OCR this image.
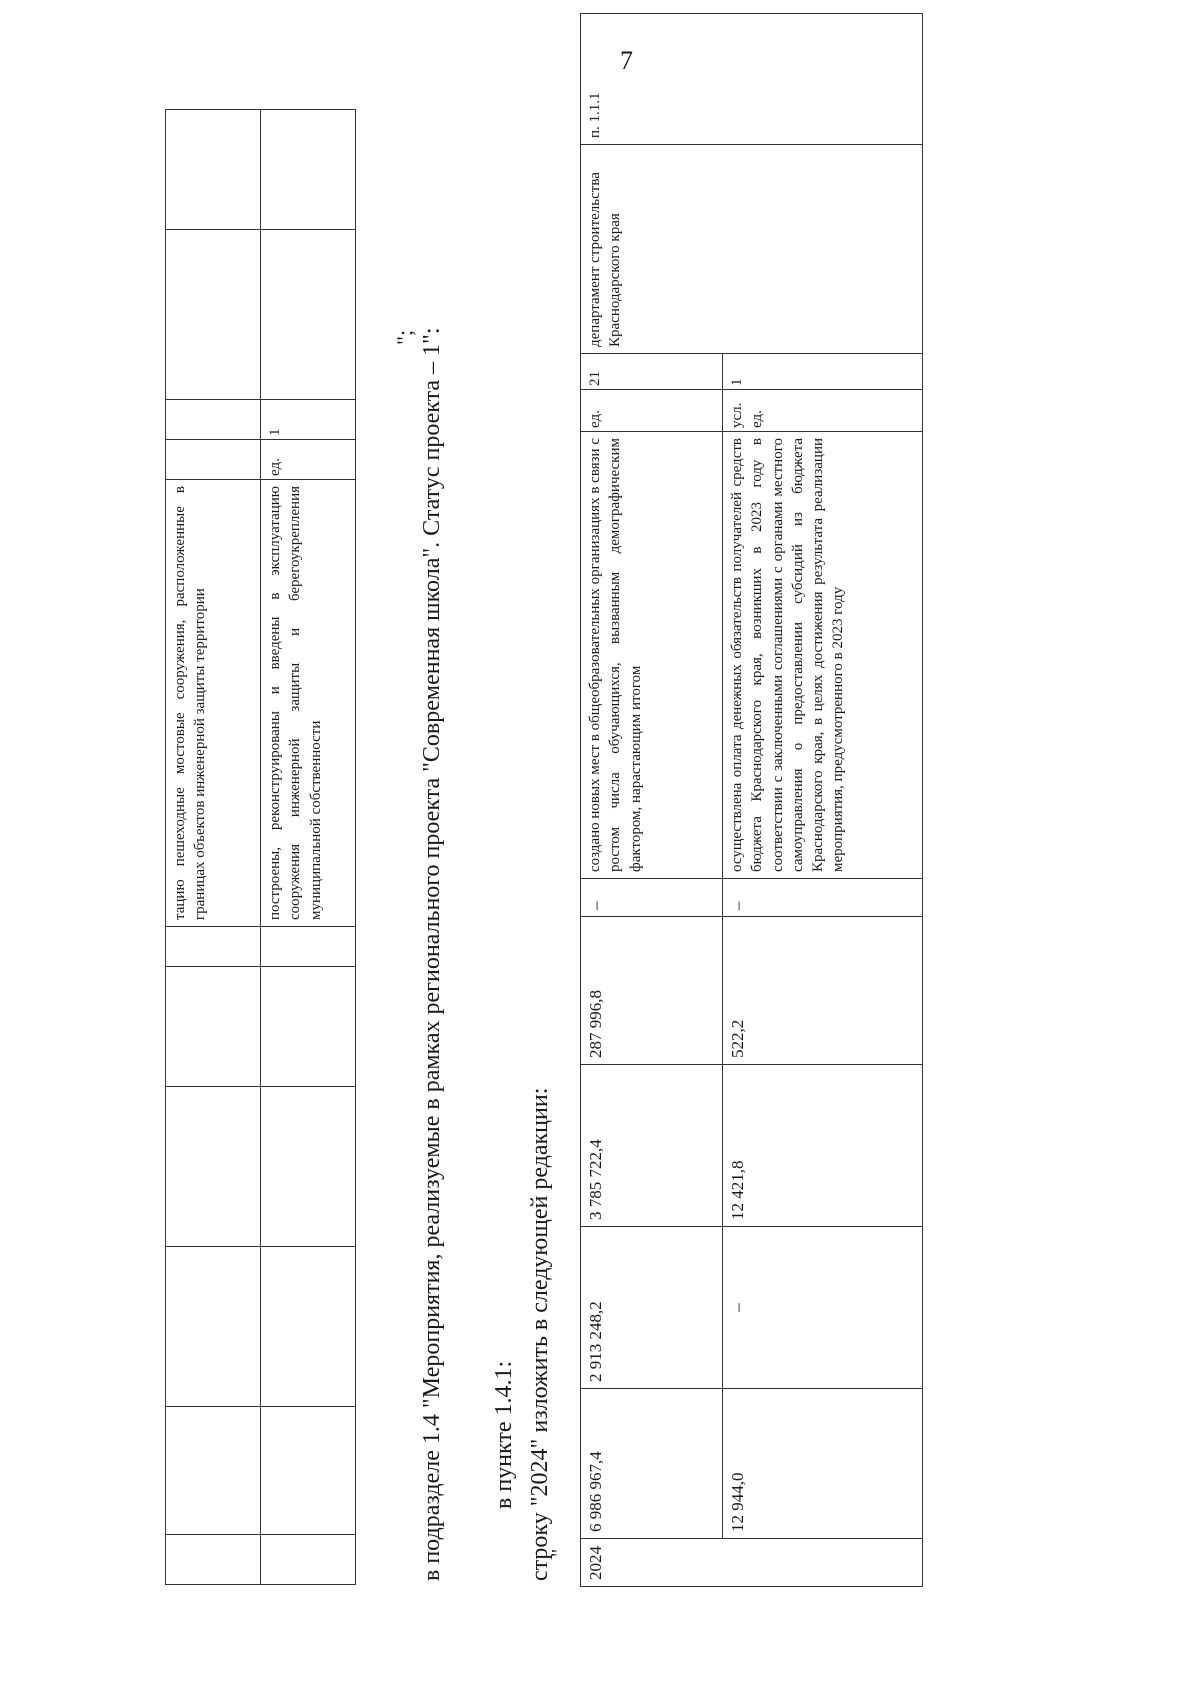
7
						тацию пешеходные мостовые сооружения, расположенные в границах объектов инженерной защиты территории				
						построены, реконструированы и введены в эксплуатацию сооружения инженерной защиты и берегоукрепления муниципальной собственности	ед.	1			в подразделе 1.4 "Мероприятия, реализуемые в рамках регионального проекта "Современная школа". Статус проекта – 1":
";
в пункте 1.4.1: строку "2024" изложить в следующей редакции:
" 2024	6 986 967,4	2 913 248,2	3 785 722,4	287 996,8	–	создано новых мест в общеобразовательных организациях в связи с ростом числа обучающихся, вызванным демографическим фактором, нарастающим итогом	ед.	21	департамент строительства Краснодарского края	п. 1.1.1
	12 944,0	–	12 421,8	522,2	–	осуществлена оплата денежных обязательств получателей средств бюджета Краснодарского края, возникших в 2023 году в соответствии с заключенными соглашениями с органами местного самоуправления о предоставлении субсидий из бюджета Краснодарского края, в целях достижения результата реализации мероприятия, предусмотренного в 2023 году	усл. ед.	1		
